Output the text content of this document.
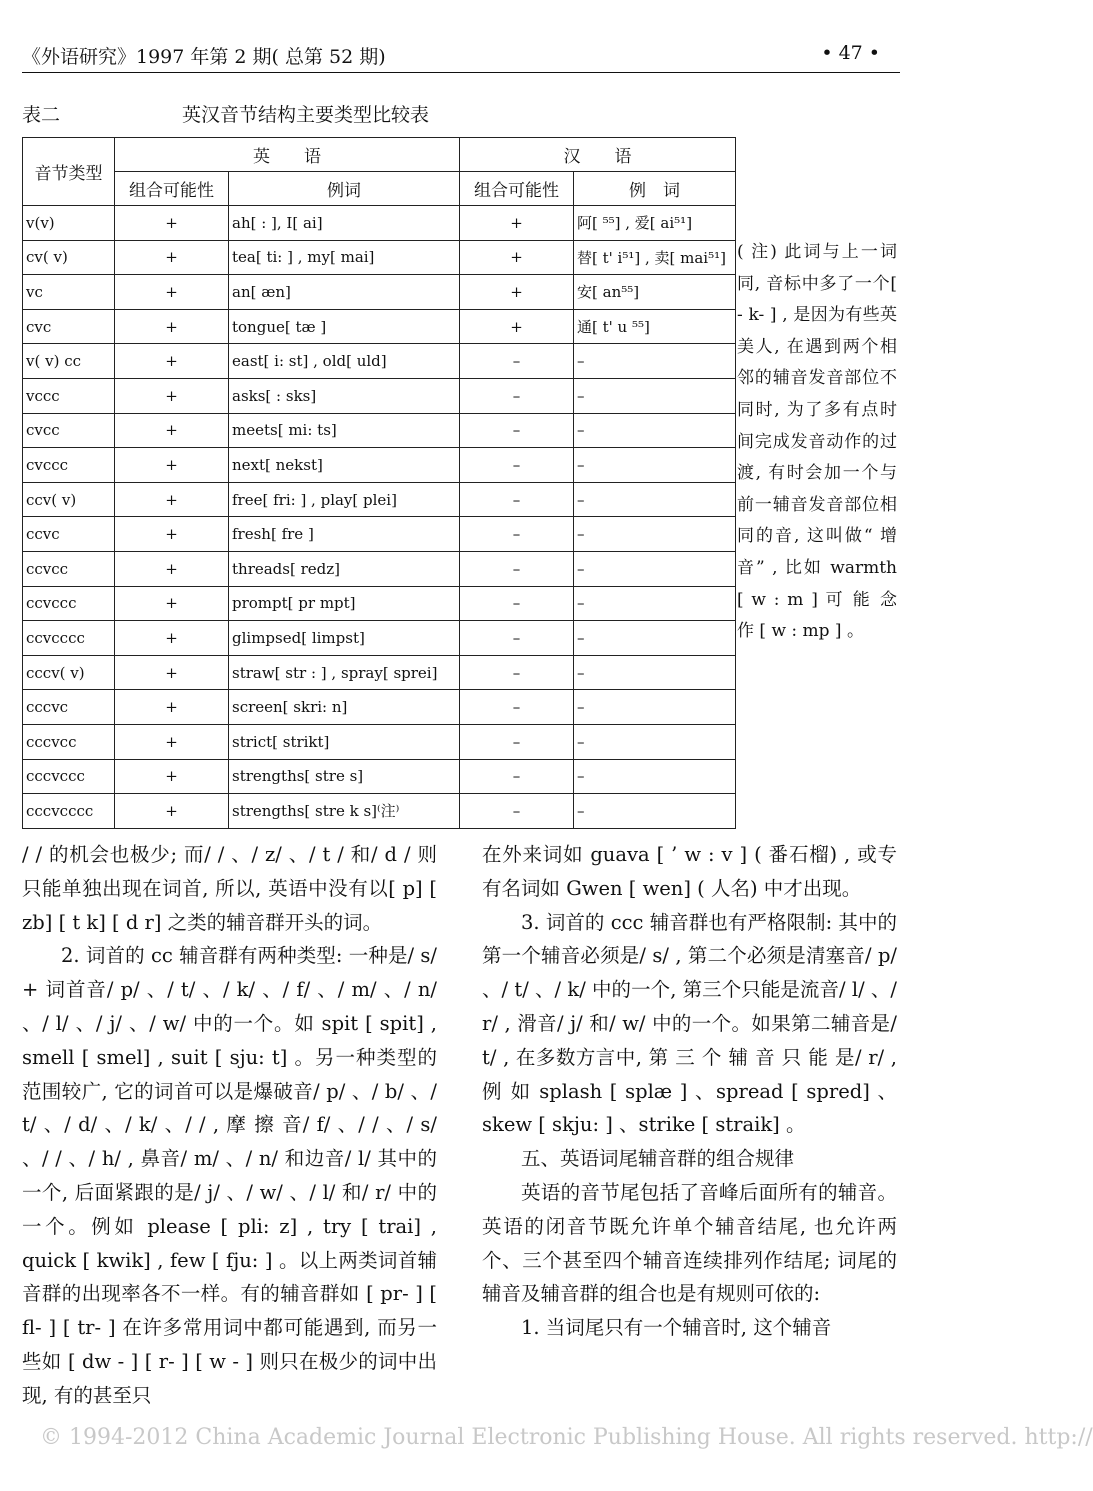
《外语研究》1997 年第 2 期( 总第 52 期)	• 47 •
表二	英汉音节结构主要类型比较表
音节类型	英　　语		汉　　语	
	组合可能性	例词	组合可能性	例　词
v(v)	+	ah[ : ], I[ ai]	+	阿[ ⁵⁵] , 爱[ ai⁵¹]
cv( v)	+	tea[ ti: ] , my[ mai]	+	替[ t' i⁵¹] , 卖[ mai⁵¹]
vc	+	an[ æn]	+	安[ an⁵⁵]
cvc	+	tongue[ tæ ]	+	通[ t' u ⁵⁵]
v( v) cc	+	east[ i: st] , old[ uld]	–	–
vccc	+	asks[ : sks]	–	–
cvcc	+	meets[ mi: ts]	–	–
cvccc	+	next[ nekst]	–	–
ccv( v)	+	free[ fri: ] , play[ plei]	–	–
ccvc	+	fresh[ fre ]	–	–
ccvcc	+	threads[ redz]	–	–
ccvccc	+	prompt[ pr mpt]	–	–
ccvcccc	+	glimpsed[ limpst]	–	–
cccv( v)	+	straw[ str : ] , spray[ sprei]	–	–
cccvc	+	screen[ skri: n]	–	–
cccvcc	+	strict[ strikt]	–	–
cccvccc	+	strengths[ stre s]	–	–
cccvcccc	+	strengths[ stre k s]⁽注⁾	–	–
( 注) 此词与上一词同, 音标中多了一个[ - k- ] , 是因为有些英美人, 在遇到两个相邻的辅音发音部位不同时, 为了多有点时间完成发音动作的过渡, 有时会加一个与前一辅音发音部位相同的音, 这叫做“ 增 音” , 比如 warmth [ w : m ] 可 能 念 作 [ w : mp ] 。

/ / 的机会也极少; 而/ / 、/ z/ 、/ t / 和/ d / 则只能单独出现在词首, 所以, 英语中没有以[ p] [ zb] [ t k] [ d r] 之类的辅音群开头的词。

2. 词首的 cc 辅音群有两种类型: 一种是/ s/ + 词首音/ p/ 、/ t/ 、/ k/ 、/ f/ 、/ m/ 、/ n/ 、/ l/ 、/ j/ 、/ w/ 中的一个。如 spit [ spit] , smell [ smel] , suit [ sju: t] 。另一种类型的范围较广, 它的词首可以是爆破音/ p/ 、/ b/ 、/ t/ 、/ d/ 、/ k/ 、/ / , 摩 擦 音/ f/ 、/ / 、/ s/ 、/ / 、/ h/ , 鼻音/ m/ 、/ n/ 和边音/ l/ 其中的一个, 后面紧跟的是/ j/ 、/ w/ 、/ l/ 和/ r/ 中的一个。例如 please [ pli: z] , try [ trai] , quick [ kwik] , few [ fju: ] 。以上两类词首辅音群的出现率各不一样。有的辅音群如 [ pr- ] [ fl- ] [ tr- ] 在许多常用词中都可能遇到, 而另一些如 [ dw - ] [ r- ] [ w - ] 则只在极少的词中出现, 有的甚至只

在外来词如 guava [ ’ w : v ] ( 番石榴) , 或专有名词如 Gwen [ wen] ( 人名) 中才出现。

3. 词首的 ccc 辅音群也有严格限制: 其中的第一个辅音必须是/ s/ , 第二个必须是清塞音/ p/ 、/ t/ 、/ k/ 中的一个, 第三个只能是流音/ l/ 、/ r/ , 滑音/ j/ 和/ w/ 中的一个。如果第二辅音是/ t/ , 在多数方言中, 第 三 个 辅 音 只 能 是/ r/ , 例 如 splash [ splæ ] 、spread [ spred] 、skew [ skju: ] 、strike [ straik] 。

五、英语词尾辅音群的组合规律

英语的音节尾包括了音峰后面所有的辅音。英语的闭音节既允许单个辅音结尾, 也允许两个、三个甚至四个辅音连续排列作结尾; 词尾的辅音及辅音群的组合也是有规则可依的:

1. 当词尾只有一个辅音时, 这个辅音

© 1994-2012 China Academic Journal Electronic Publishing House. All rights reserved. http://
